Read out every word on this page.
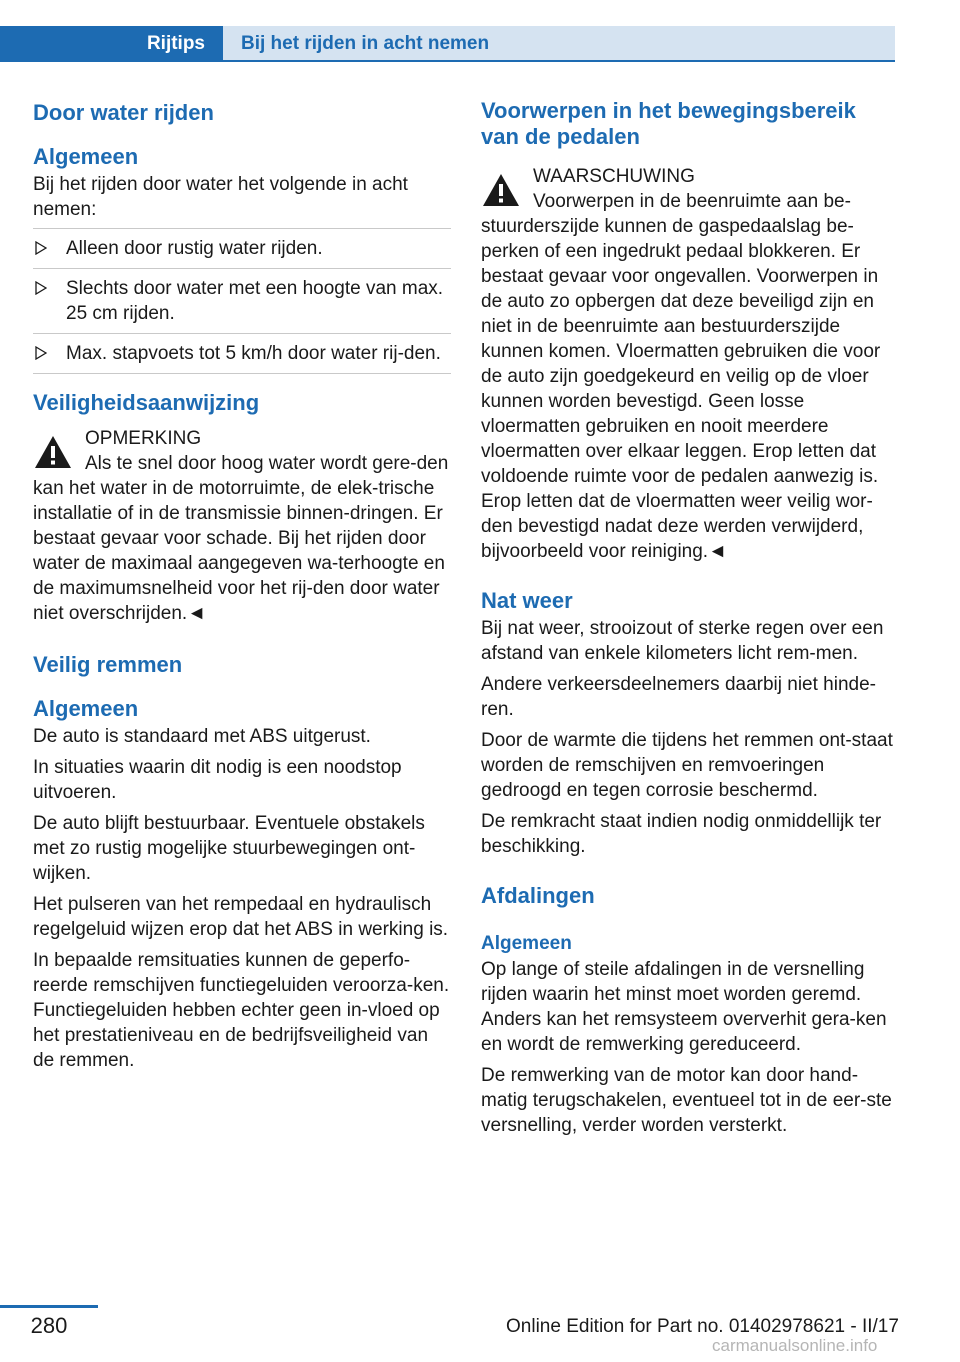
Rijtips	Bij het rijden in acht nemen
Door water rijden
Algemeen

Bij het rijden door water het volgende in acht nemen:

Alleen door rustig water rijden.
Slechts door water met een hoogte van max. 25 cm rijden.
Max. stapvoets tot 5 km/h door water rij-den.
Veiligheidsaanwijzing

OPMERKING

Als te snel door hoog water wordt gere-den kan het water in de motorruimte, de elek-trische installatie of in de transmissie binnen-dringen. Er bestaat gevaar voor schade. Bij het rijden door water de maximaal aangegeven wa-terhoogte en de maximumsnelheid voor het rij-den door water niet overschrijden.◄

Veilig remmen
Algemeen

De auto is standaard met ABS uitgerust.

In situaties waarin dit nodig is een noodstop uitvoeren.

De auto blijft bestuurbaar. Eventuele obstakels met zo rustig mogelijke stuurbewegingen ont-wijken.

Het pulseren van het rempedaal en hydraulisch regelgeluid wijzen erop dat het ABS in werking is.

In bepaalde remsituaties kunnen de geperfo-reerde remschijven functiegeluiden veroorza-ken. Functiegeluiden hebben echter geen in-vloed op het prestatieniveau en de bedrijfsveiligheid van de remmen.

Voorwerpen in het bewegingsbereik van de pedalen

WAARSCHUWING

Voorwerpen in de beenruimte aan be-stuurderszijde kunnen de gaspedaalslag be-perken of een ingedrukt pedaal blokkeren. Er bestaat gevaar voor ongevallen. Voorwerpen in de auto zo opbergen dat deze beveiligd zijn en niet in de beenruimte aan bestuurderszijde kunnen komen. Vloermatten gebruiken die voor de auto zijn goedgekeurd en veilig op de vloer kunnen worden bevestigd. Geen losse vloermatten gebruiken en nooit meerdere vloermatten over elkaar leggen. Erop letten dat voldoende ruimte voor de pedalen aanwezig is. Erop letten dat de vloermatten weer veilig wor-den bevestigd nadat deze werden verwijderd, bijvoorbeeld voor reiniging.◄

Nat weer

Bij nat weer, strooizout of sterke regen over een afstand van enkele kilometers licht rem-men.

Andere verkeersdeelnemers daarbij niet hinde-ren.

Door de warmte die tijdens het remmen ont-staat worden de remschijven en remvoeringen gedroogd en tegen corrosie beschermd.

De remkracht staat indien nodig onmiddellijk ter beschikking.

Afdalingen
Algemeen

Op lange of steile afdalingen in de versnelling rijden waarin het minst moet worden geremd. Anders kan het remsysteem oververhit gera-ken en wordt de remwerking gereduceerd.

De remwerking van de motor kan door hand-matig terugschakelen, eventueel tot in de eer-ste versnelling, verder worden versterkt.

280	Online Edition for Part no. 01402978621 - II/17
carmanualsonline.info
